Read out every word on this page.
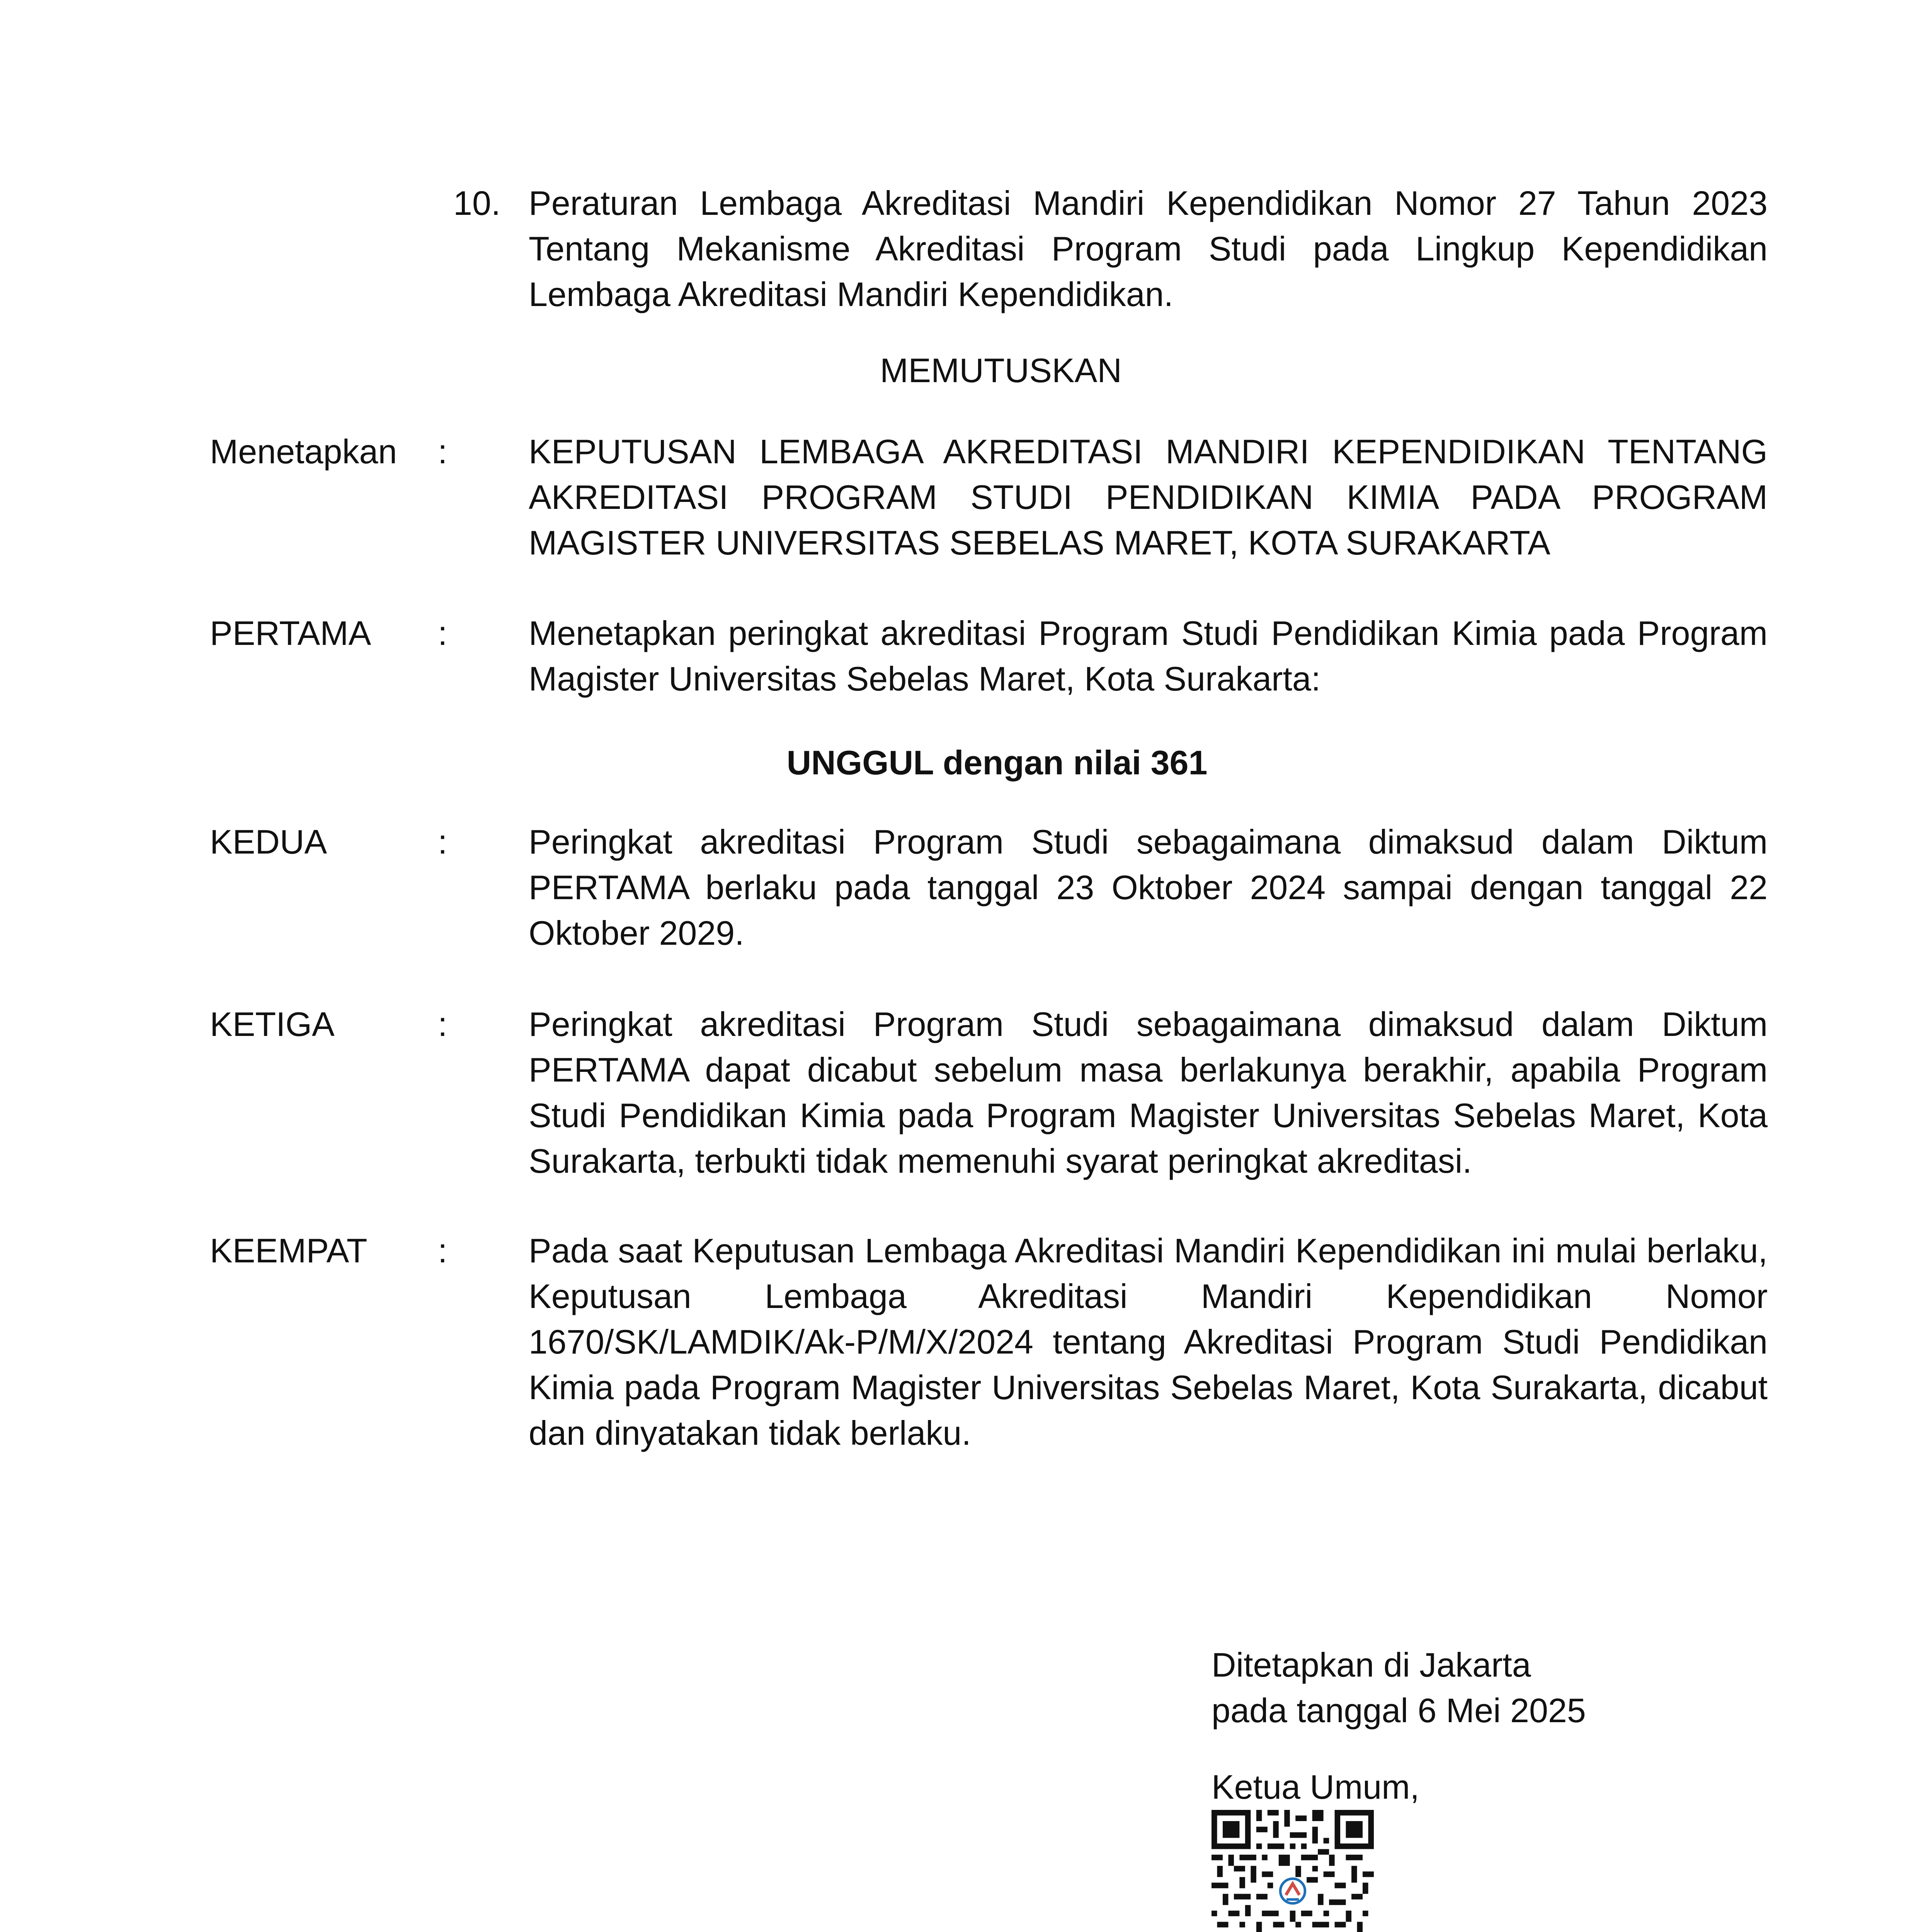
10. Peraturan Lembaga Akreditasi Mandiri Kependidikan Nomor 27 Tahun 2023 Tentang Mekanisme Akreditasi Program Studi pada Lingkup Kependidikan Lembaga Akreditasi Mandiri Kependidikan.
MEMUTUSKAN
Menetapkan	:	KEPUTUSAN LEMBAGA AKREDITASI MANDIRI KEPENDIDIKAN TENTANG AKREDITASI PROGRAM STUDI PENDIDIKAN KIMIA PADA PROGRAM MAGISTER UNIVERSITAS SEBELAS MARET, KOTA SURAKARTA
PERTAMA	:	Menetapkan peringkat akreditasi Program Studi Pendidikan Kimia pada Program Magister Universitas Sebelas Maret, Kota Surakarta:
UNGGUL dengan nilai 361
KEDUA	:	Peringkat akreditasi Program Studi sebagaimana dimaksud dalam Diktum PERTAMA berlaku pada tanggal 23 Oktober 2024 sampai dengan tanggal 22 Oktober 2029.
KETIGA	:	Peringkat akreditasi Program Studi sebagaimana dimaksud dalam Diktum PERTAMA dapat dicabut sebelum masa berlakunya berakhir, apabila Program Studi Pendidikan Kimia pada Program Magister Universitas Sebelas Maret, Kota Surakarta, terbukti tidak memenuhi syarat peringkat akreditasi.
KEEMPAT	:	Pada saat Keputusan Lembaga Akreditasi Mandiri Kependidikan ini mulai berlaku, Keputusan Lembaga Akreditasi Mandiri Kependidikan Nomor 1670/SK/LAMDIK/Ak-P/M/X/2024 tentang Akreditasi Program Studi Pendidikan Kimia pada Program Magister Universitas Sebelas Maret, Kota Surakarta, dicabut dan dinyatakan tidak berlaku.
Ditetapkan di Jakarta
pada tanggal 6 Mei 2025
Ketua Umum,
